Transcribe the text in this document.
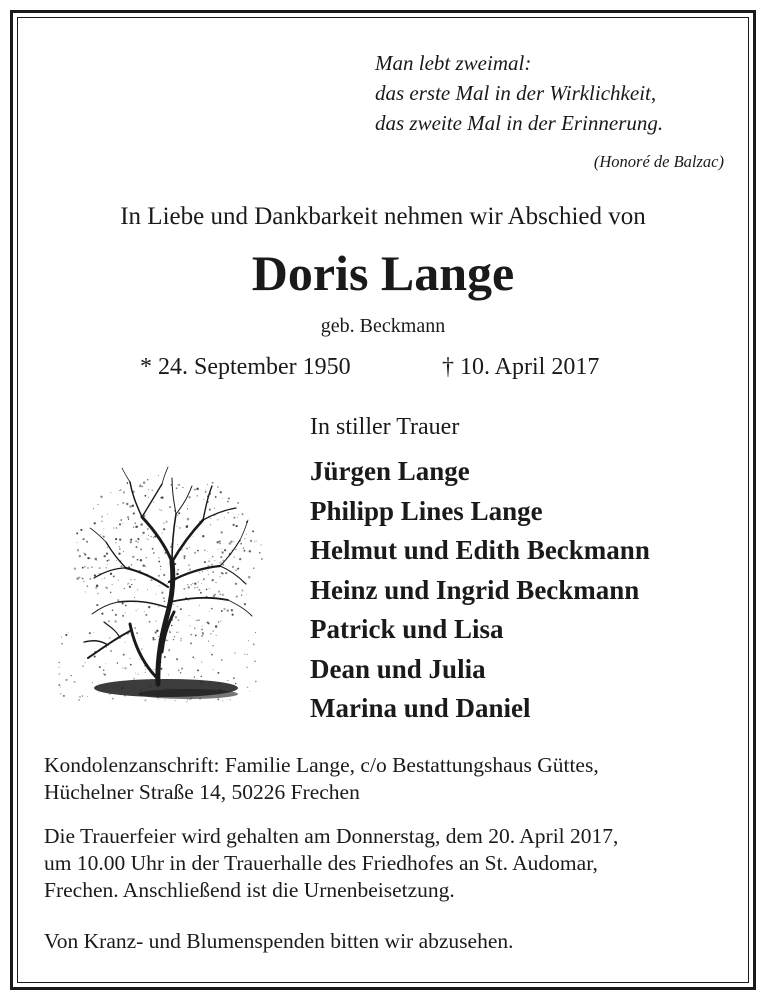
Man lebt zweimal:
das erste Mal in der Wirklichkeit,
das zweite Mal in der Erinnerung.
(Honoré de Balzac)
In Liebe und Dankbarkeit nehmen wir Abschied von
Doris Lange
geb. Beckmann
* 24. September 1950	† 10. April 2017
In stiller Trauer
Jürgen Lange
Philipp Lines Lange
Helmut und Edith Beckmann
Heinz und Ingrid Beckmann
Patrick und Lisa
Dean und Julia
Marina und Daniel
Kondolenzanschrift: Familie Lange, c/o Bestattungshaus Güttes,
Hüchelner Straße 14, 50226 Frechen
Die Trauerfeier wird gehalten am Donnerstag, dem 20. April 2017,
um 10.00 Uhr in der Trauerhalle des Friedhofes an St. Audomar,
Frechen. Anschließend ist die Urnenbeisetzung.
Von Kranz- und Blumenspenden bitten wir abzusehen.
